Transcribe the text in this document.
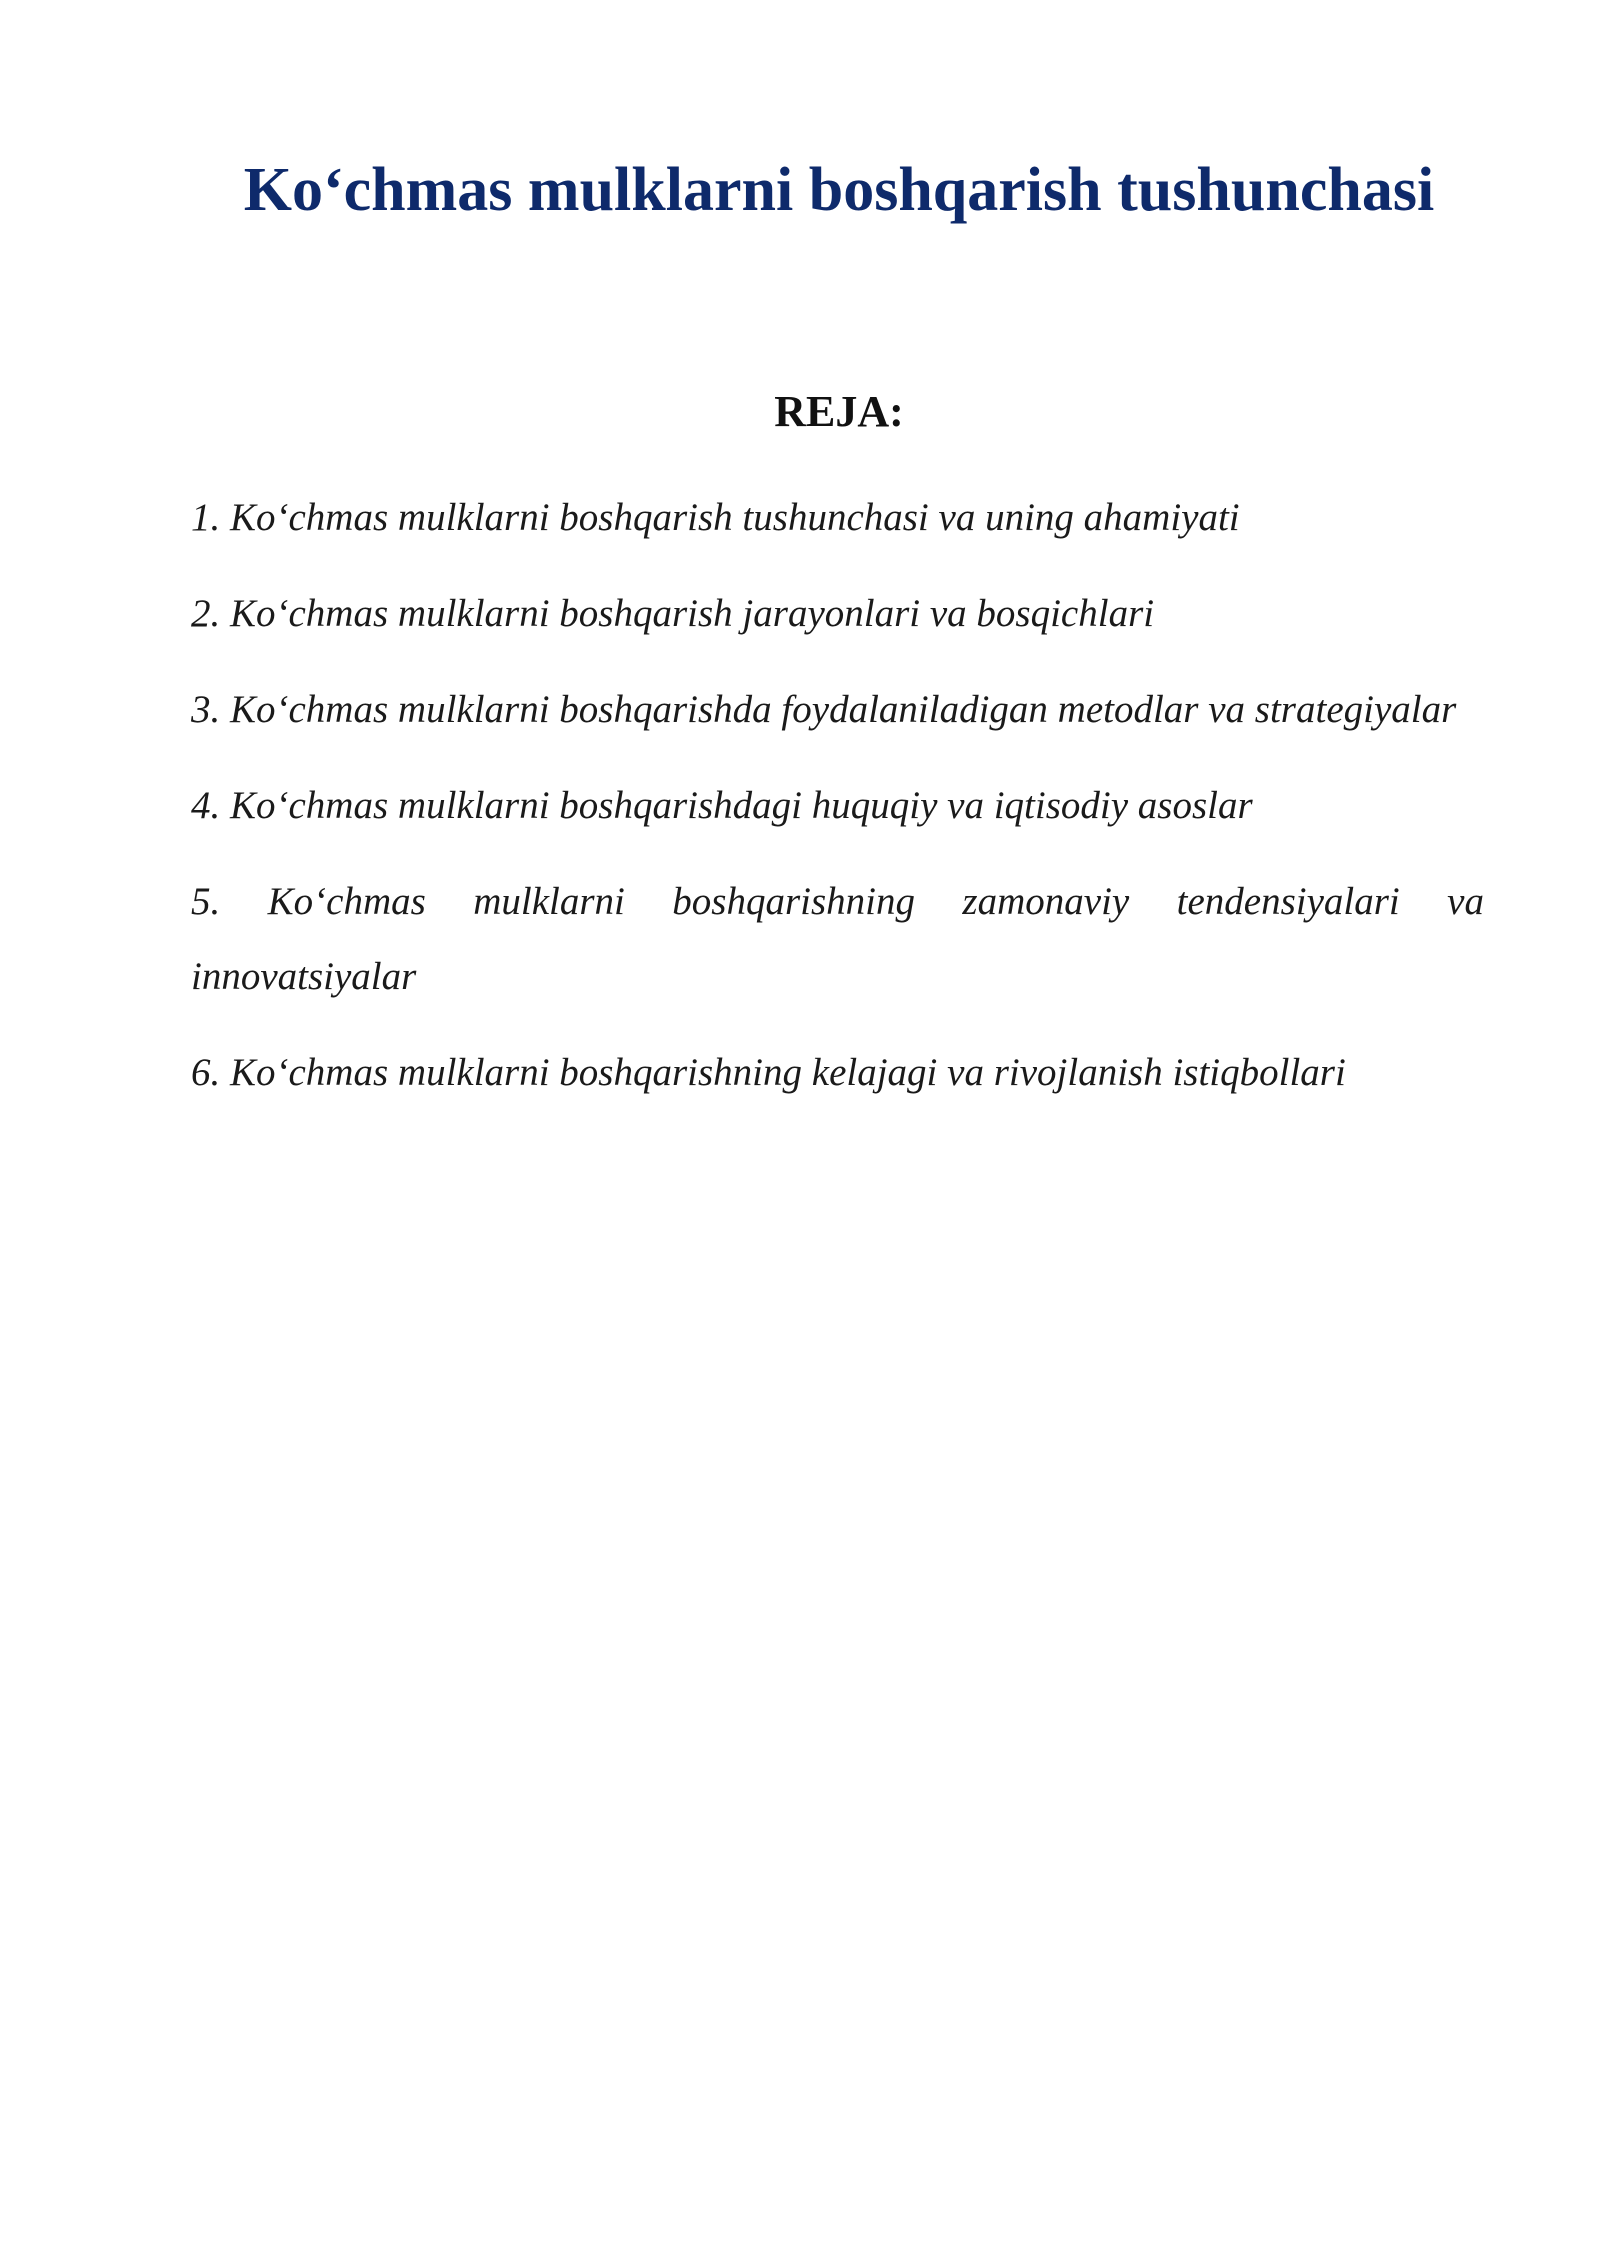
Ko‘chmas mulklarni boshqarish tushunchasi
REJA:
1. Ko‘chmas mulklarni boshqarish tushunchasi va uning ahamiyati
2. Ko‘chmas mulklarni boshqarish jarayonlari va bosqichlari
3. Ko‘chmas mulklarni boshqarishda foydalaniladigan metodlar va strategiyalar
4. Ko‘chmas mulklarni boshqarishdagi huquqiy va iqtisodiy asoslar
5. Ko‘chmas mulklarni boshqarishning zamonaviy tendensiyalari va innovatsiyalar
6. Ko‘chmas mulklarni boshqarishning kelajagi va rivojlanish istiqbollari
